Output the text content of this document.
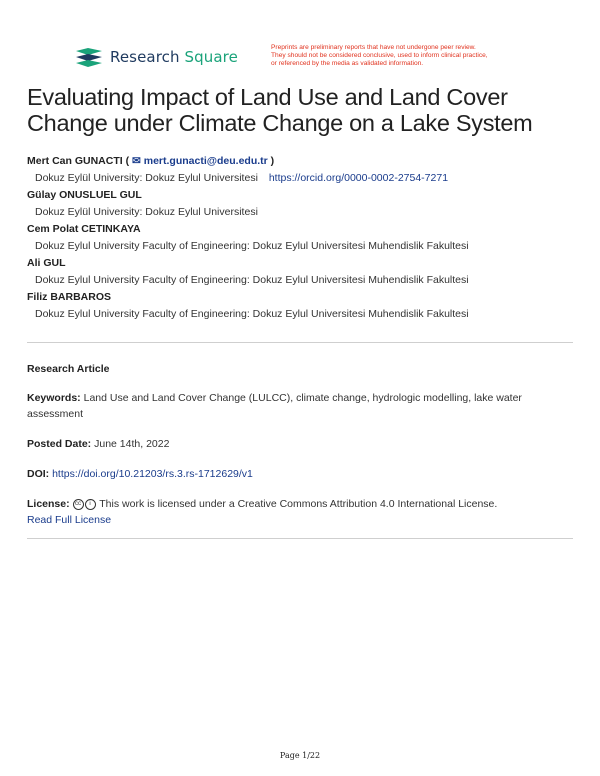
Research Square
Preprints are preliminary reports that have not undergone peer review.
They should not be considered conclusive, used to inform clinical practice,
or referenced by the media as validated information.
Evaluating Impact of Land Use and Land Cover Change under Climate Change on a Lake System
Mert Can GUNACTI ( ✉ mert.gunacti@deu.edu.tr )
Dokuz Eylül University: Dokuz Eylul Universitesi https://orcid.org/0000-0002-2754-7271
Gülay ONUSLUEL GUL
Dokuz Eylül University: Dokuz Eylul Universitesi
Cem Polat CETINKAYA
Dokuz Eylul University Faculty of Engineering: Dokuz Eylul Universitesi Muhendislik Fakultesi
Ali GUL
Dokuz Eylul University Faculty of Engineering: Dokuz Eylul Universitesi Muhendislik Fakultesi
Filiz BARBAROS
Dokuz Eylul University Faculty of Engineering: Dokuz Eylul Universitesi Muhendislik Fakultesi
Research Article
Keywords: Land Use and Land Cover Change (LULCC), climate change, hydrologic modelling, lake water assessment
Posted Date: June 14th, 2022
DOI: https://doi.org/10.21203/rs.3.rs-1712629/v1
License: cc i This work is licensed under a Creative Commons Attribution 4.0 International License.
Read Full License
Page 1/22
